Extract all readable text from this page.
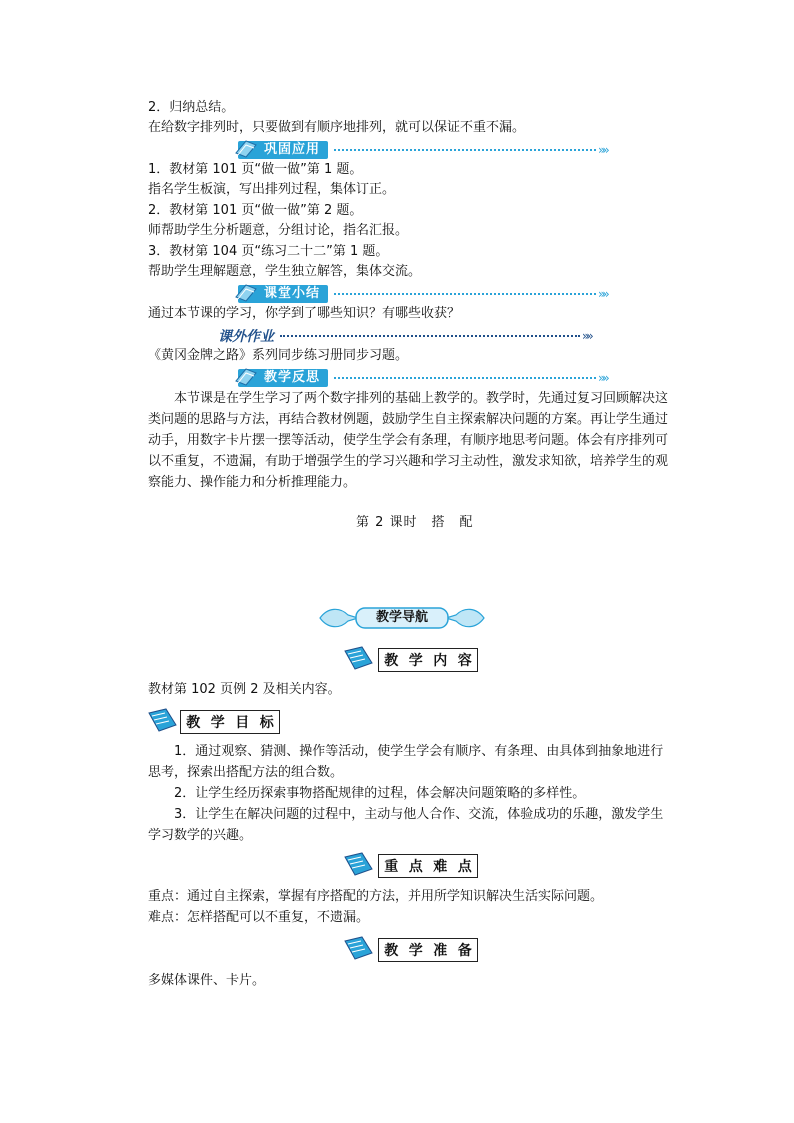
2．归纳总结。
在给数字排列时，只要做到有顺序地排列，就可以保证不重不漏。
巩固应用	»»
1．教材第 101 页“做一做”第 1 题。
指名学生板演，写出排列过程，集体订正。
2．教材第 101 页“做一做”第 2 题。
师帮助学生分析题意，分组讨论，指名汇报。
3．教材第 104 页“练习二十二”第 1 题。
帮助学生理解题意，学生独立解答，集体交流。
课堂小结	»»
通过本节课的学习，你学到了哪些知识？有哪些收获？
课外作业	»»
《黄冈金牌之路》系列同步练习册同步习题。
教学反思	»»
本节课是在学生学习了两个数字排列的基础上教学的。教学时，先通过复习回顾解决这类问题的思路与方法，再结合教材例题，鼓励学生自主探索解决问题的方案。再让学生通过动手，用数字卡片摆一摆等活动，使学生学会有条理，有顺序地思考问题。体会有序排列可以不重复，不遗漏，有助于增强学生的学习兴趣和学习主动性，激发求知欲，培养学生的观察能力、操作能力和分析推理能力。
第 2 课时　搭　配
教学导航
教 学 内 容
教材第 102 页例 2 及相关内容。
教 学 目 标
1．通过观察、猜测、操作等活动，使学生学会有顺序、有条理、由具体到抽象地进行思考，探索出搭配方法的组合数。
2．让学生经历探索事物搭配规律的过程，体会解决问题策略的多样性。
3．让学生在解决问题的过程中，主动与他人合作、交流，体验成功的乐趣，激发学生学习数学的兴趣。
重 点 难 点
重点：通过自主探索，掌握有序搭配的方法，并用所学知识解决生活实际问题。
难点：怎样搭配可以不重复，不遗漏。
教 学 准 备
多媒体课件、卡片。
